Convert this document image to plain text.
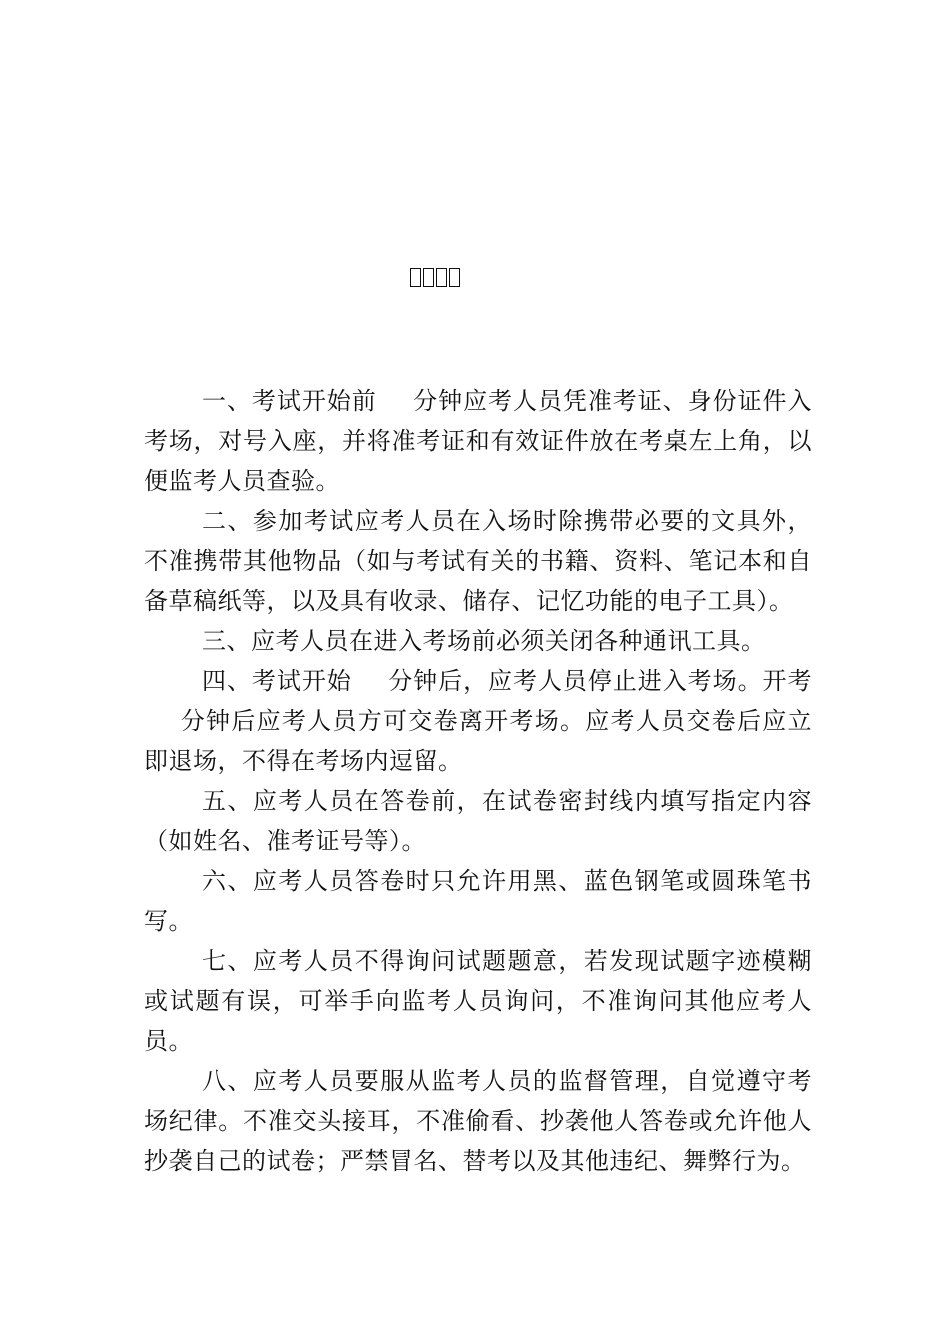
一、考试开始前 分钟应考人员凭准考证、身份证件入考场，对号入座，并将准考证和有效证件放在考桌左上角，以便监考人员查验。

二、参加考试应考人员在入场时除携带必要的文具外，不准携带其他物品（如与考试有关的书籍、资料、笔记本和自备草稿纸等，以及具有收录、储存、记忆功能的电子工具）。

三、应考人员在进入考场前必须关闭各种通讯工具。

四、考试开始 分钟后，应考人员停止进入考场。开考分钟后应考人员方可交卷离开考场。应考人员交卷后应立即退场，不得在考场内逗留。

五、应考人员在答卷前，在试卷密封线内填写指定内容（如姓名、准考证号等）。

六、应考人员答卷时只允许用黑、蓝色钢笔或圆珠笔书写。

七、应考人员不得询问试题题意，若发现试题字迹模糊或试题有误，可举手向监考人员询问，不准询问其他应考人员。

八、应考人员要服从监考人员的监督管理，自觉遵守考场纪律。不准交头接耳，不准偷看、抄袭他人答卷或允许他人抄袭自己的试卷；严禁冒名、替考以及其他违纪、舞弊行为。
